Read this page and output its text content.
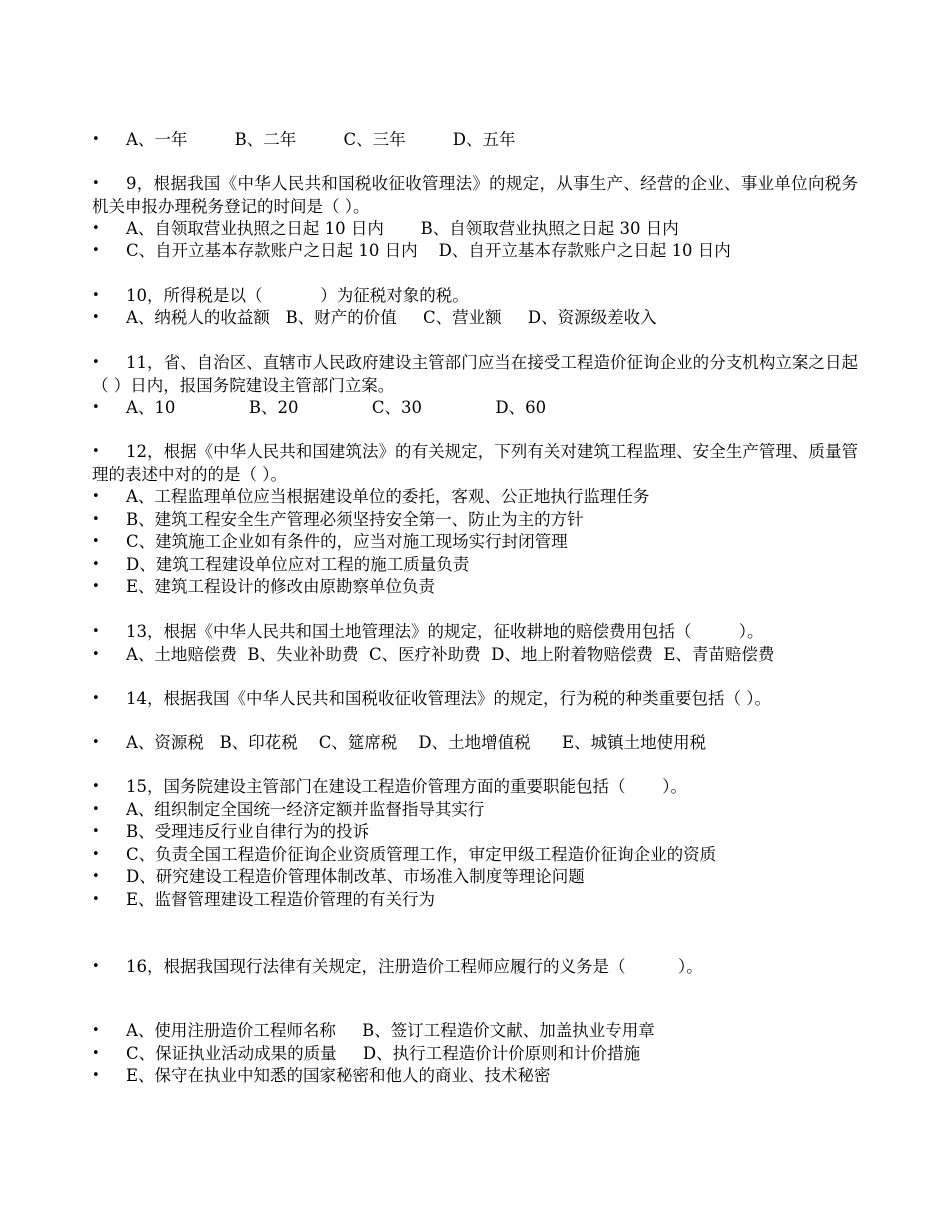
•

	A、一年         B、二年         C、三年         D、五年

•

	9，根据我国《中华人民共和国税收征收管理法》的规定，从事生产、经营的企业、事业单位向税务机关申报办理税务登记的时间是（ ）。

•

	A、自领取营业执照之日起 10 日内       B、自领取营业执照之日起 30 日内

•

	C、自开立基本存款账户之日起 10 日内    D、自开立基本存款账户之日起 10 日内

•

	10，所得税是以（           ）为征税对象的税。

•

	A、纳税人的收益额   B、财产的价值     C、营业额     D、资源级差收入

•

	11，省、自治区、直辖市人民政府建设主管部门应当在接受工程造价征询企业的分支机构立案之日起（ ）日内，报国务院建设主管部门立案。

•

	A、10              B、20              C、30              D、60

•

	12，根据《中华人民共和国建筑法》的有关规定，下列有关对建筑工程监理、安全生产管理、质量管理的表述中对的的是（ ）。

•

	A、工程监理单位应当根据建设单位的委托，客观、公正地执行监理任务

•

	B、建筑工程安全生产管理必须坚持安全第一、防止为主的方针

•

	C、建筑施工企业如有条件的，应当对施工现场实行封闭管理

•

	D、建筑工程建设单位应对工程的施工质量负责

•

	E、建筑工程设计的修改由原勘察单位负责

•

	13，根据《中华人民共和国土地管理法》的规定，征收耕地的赔偿费用包括（         ）。

•

	A、土地赔偿费  B、失业补助费  C、医疗补助费  D、地上附着物赔偿费  E、青苗赔偿费

•

	14，根据我国《中华人民共和国税收征收管理法》的规定，行为税的种类重要包括（ ）。

•

	A、资源税   B、印花税    C、筵席税    D、土地增值税      E、城镇土地使用税

•

	15，国务院建设主管部门在建设工程造价管理方面的重要职能包括（       ）。

•

	A、组织制定全国统一经济定额并监督指导其实行

•

	B、受理违反行业自律行为的投诉

•

	C、负责全国工程造价征询企业资质管理工作，审定甲级工程造价征询企业的资质

•

	D、研究建设工程造价管理体制改革、市场准入制度等理论问题

•

	E、监督管理建设工程造价管理的有关行为

•

	16，根据我国现行法律有关规定，注册造价工程师应履行的义务是（          ）。

•

	A、使用注册造价工程师名称     B、签订工程造价文献、加盖执业专用章

•

	C、保证执业活动成果的质量     D、执行工程造价计价原则和计价措施

•

	E、保守在执业中知悉的国家秘密和他人的商业、技术秘密
